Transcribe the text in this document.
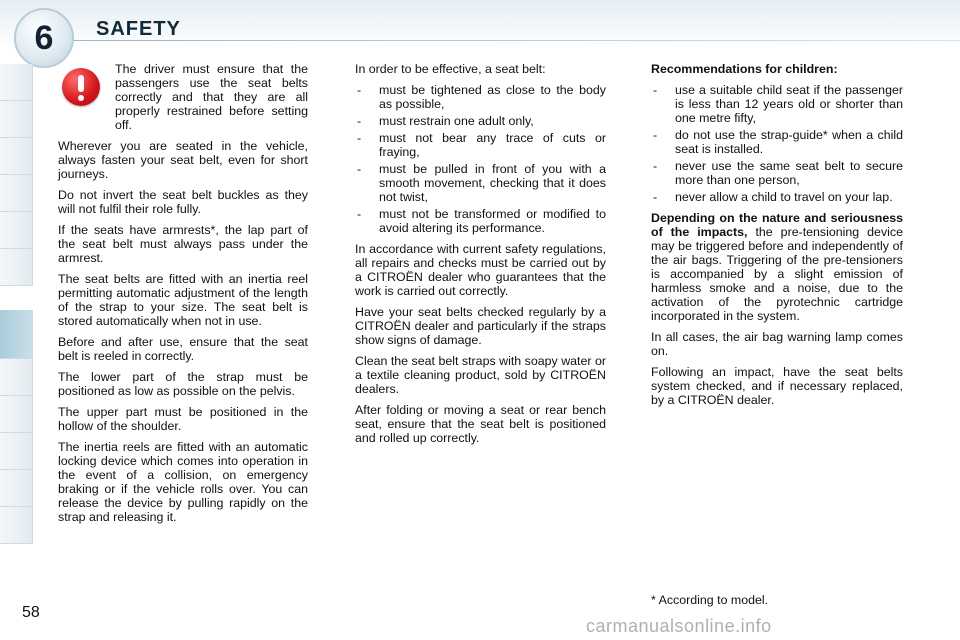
6	SAFETY
58

The driver must ensure that the passengers use the seat belts correctly and that they are all properly restrained before setting off.

Wherever you are seated in the vehicle, always fasten your seat belt, even for short journeys.

Do not invert the seat belt buckles as they will not fulfil their role fully.

If the seats have armrests*, the lap part of the seat belt must always pass under the armrest.

The seat belts are fitted with an inertia reel permitting automatic adjustment of the length of the strap to your size. The seat belt is stored automatically when not in use.

Before and after use, ensure that the seat belt is reeled in correctly.

The lower part of the strap must be positioned as low as possible on the pelvis.

The upper part must be positioned in the hollow of the shoulder.

The inertia reels are fitted with an automatic locking device which comes into operation in the event of a collision, on emergency braking or if the vehicle rolls over. You can release the device by pulling rapidly on the strap and releasing it.

In order to be effective, a seat belt:

- must be tightened as close to the body as possible,
- must restrain one adult only,
- must not bear any trace of cuts or fraying,
- must be pulled in front of you with a smooth movement, checking that it does not twist,
- must not be transformed or modified to avoid altering its performance.

In accordance with current safety regulations, all repairs and checks must be carried out by a CITROËN dealer who guarantees that the work is carried out correctly.

Have your seat belts checked regularly by a CITROËN dealer and particularly if the straps show signs of damage.

Clean the seat belt straps with soapy water or a textile cleaning product, sold by CITROËN dealers.

After folding or moving a seat or rear bench seat, ensure that the seat belt is positioned and rolled up correctly.

Recommendations for children:

- use a suitable child seat if the passenger is less than 12 years old or shorter than one metre fifty,
- do not use the strap-guide* when a child seat is installed.
- never use the same seat belt to secure more than one person,
- never allow a child to travel on your lap.

Depending on the nature and seriousness of the impacts, the pre-tensioning device may be triggered before and independently of the air bags. Triggering of the pre-tensioners is accompanied by a slight emission of harmless smoke and a noise, due to the activation of the pyrotechnic cartridge incorporated in the system.

In all cases, the air bag warning lamp comes on.

Following an impact, have the seat belts system checked, and if necessary replaced, by a CITROËN dealer.

* According to model.
carmanualsonline.info
